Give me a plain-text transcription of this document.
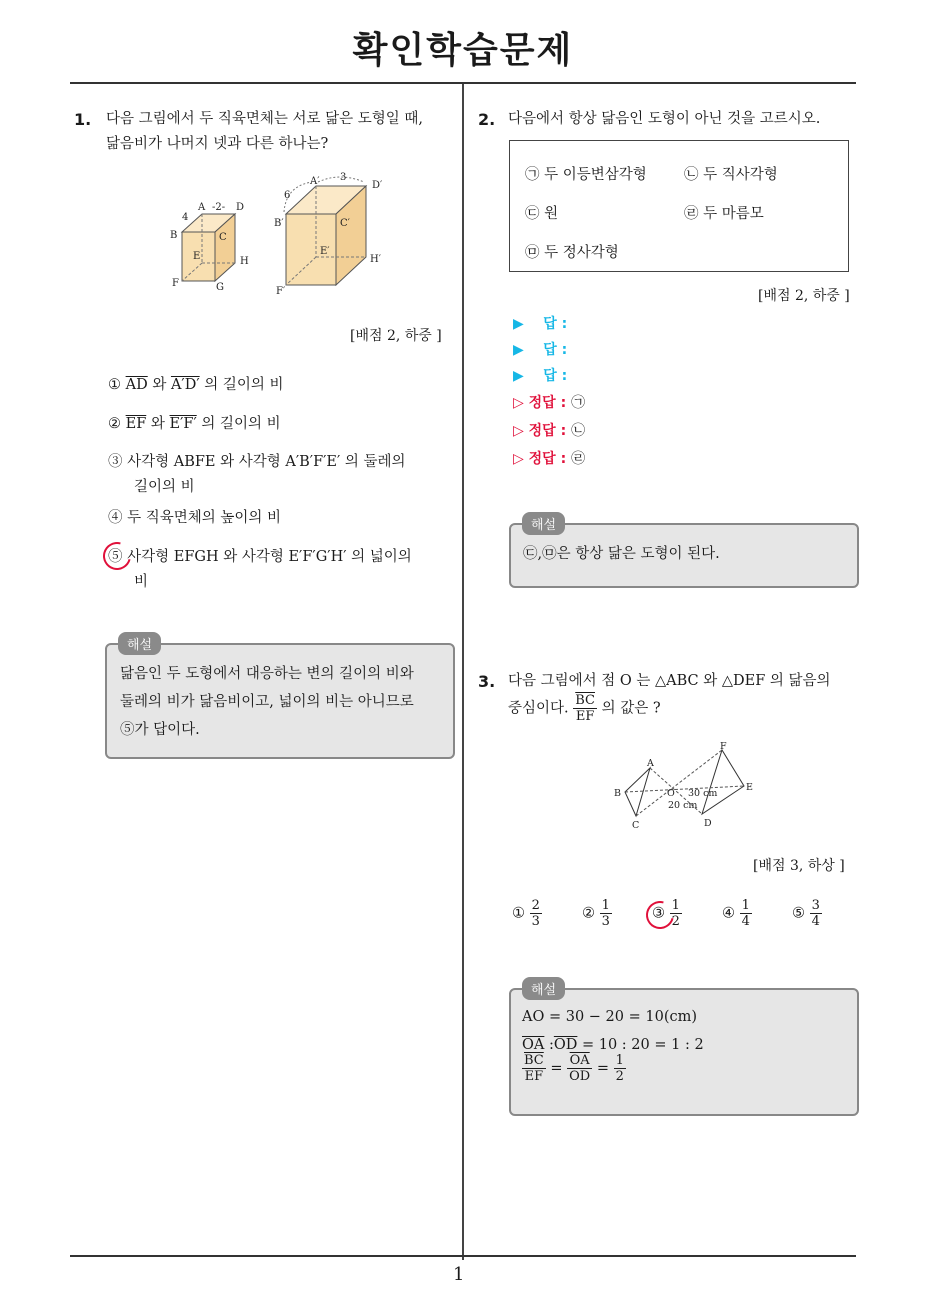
확인학습문제
1
1. 다음 그림에서 두 직육면체는 서로 닮은 도형일 때,
닮음비가 나머지 넷과 다른 하나는?
A -2- D
4
B	C
E	H
F	G
A′ 3
D′
6
B′	C′
E′
H′
F′
[배점 2, 하중 ]
① $\overline{AD}$ 와 A′D′ 의 길이의 비
② $\overline{EF}$ 와 E′F′ 의 길이의 비
③ 사각형 ABFE 와 사각형 A′B′F′E′ 의 둘레의
길이의 비
④ 두 직육면체의 높이의 비
⑤ 사각형 EFGH 와 사각형 E′F′G′H′ 의 넓이의
비
해설
닮음인 두 도형에서 대응하는 변의 길이의 비와
둘레의 비가 닮음비이고, 넓이의 비는 아니므로
⑤가 답이다.
2. 다음에서 항상 닮음인 도형이 아닌 것을 고르시오.
㉠ 두 이등변삼각형	㉡ 두 직사각형
㉢ 원	㉣ 두 마름모
㉤ 두 정사각형
[배점 2, 하중 ]
▶ 답 :
▶ 답 :
▶ 답 :
▷ 정답 : ㉠
▷ 정답 : ㉡
▷ 정답 : ㉣
해설
㉢,㉤은 항상 닮은 도형이 된다.
3. 다음 그림에서 점 O 는 △ABC 와 △DEF 의 닮음의
중심이다. $\frac{\overline{BC}}{EF}$ 의 값은 ?
F
A
B	O 30 cm
E
20 cm
C	D
[배점 3, 하상 ]
① $\frac{2}{3}$	② $\frac{1}{3}$	③ $\frac{1}{2}$	④ $\frac{1}{4}$	⑤ $\frac{3}{4}$
해설
AO = 30 − 20 = 10(cm)
$\overline{OA}$ $:\overline{OD} = 10$ : 20 = 1 : 2
$\frac{\overline{BC}}{EF} = \frac{\overline{OA}}{OD} = \frac{1}{2}$
